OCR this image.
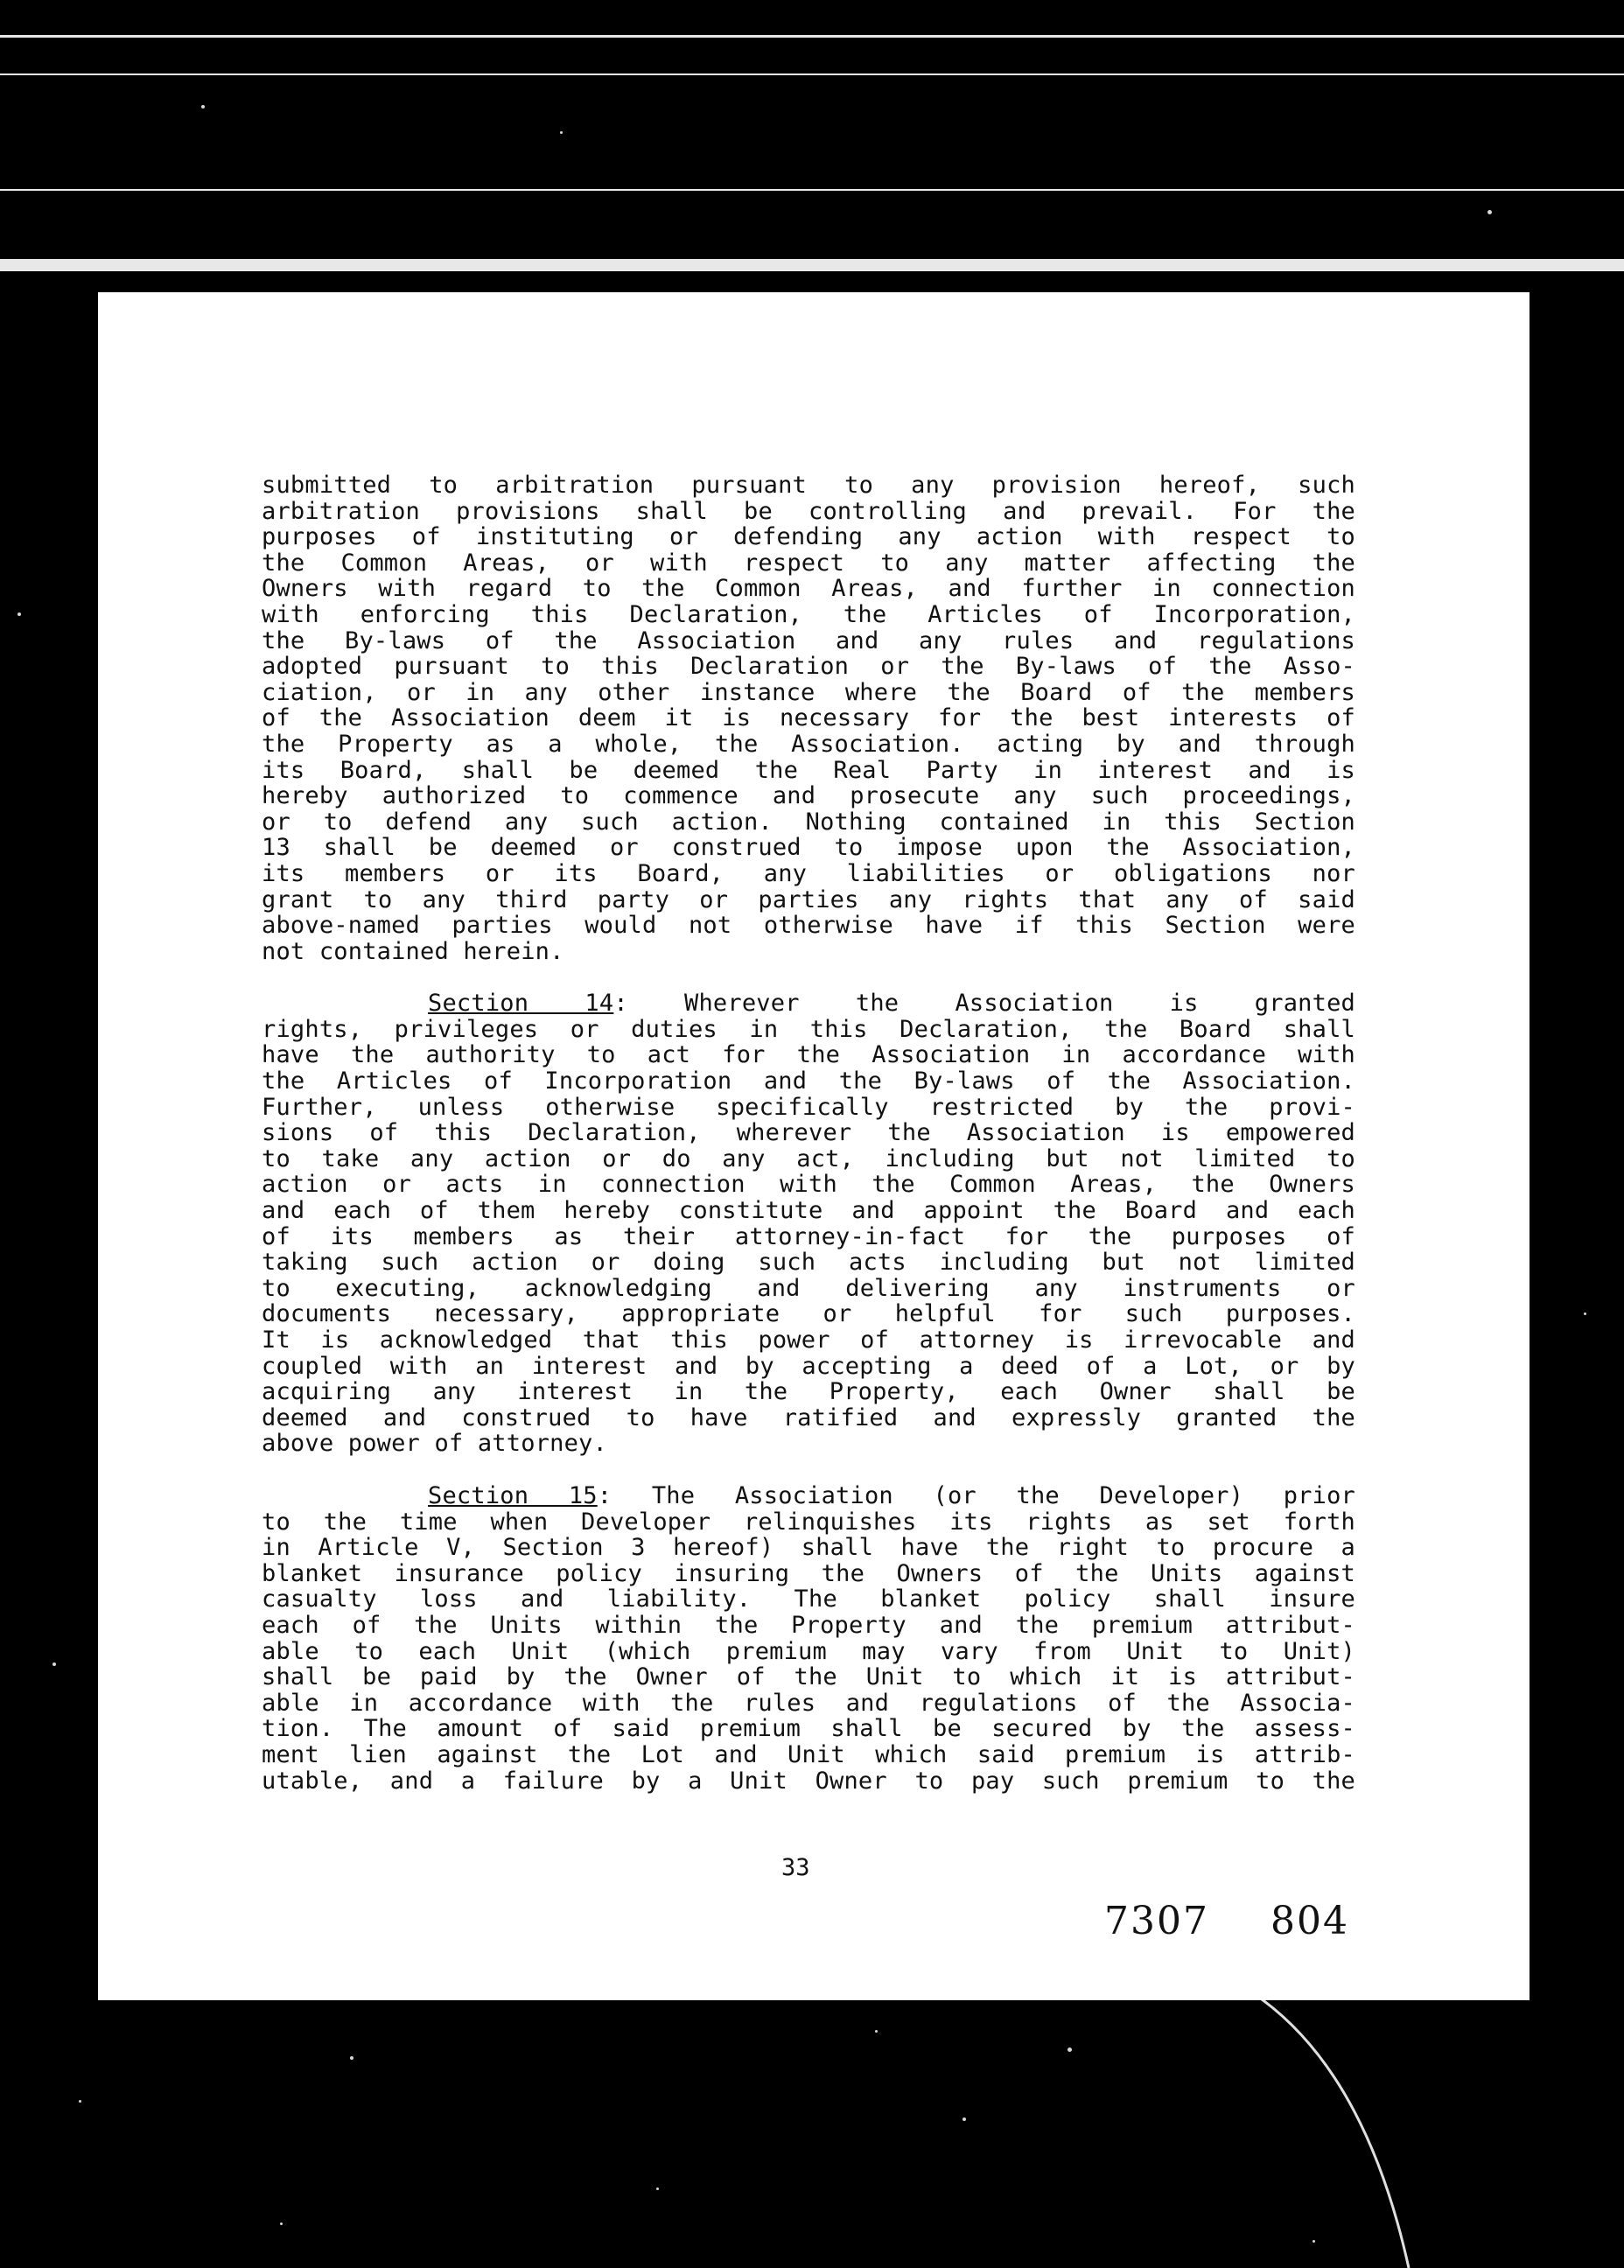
submitted to arbitration pursuant to any provision hereof, such
arbitration provisions shall be controlling and prevail. For the
purposes of instituting or defending any action with respect to
the Common Areas, or with respect to any matter affecting the
Owners with regard to the Common Areas, and further in connection
with enforcing this Declaration, the Articles of Incorporation,
the By-laws of the Association and any rules and regulations
adopted pursuant to this Declaration or the By-laws of the Asso-
ciation, or in any other instance where the Board of the members
of the Association deem it is necessary for the best interests of
the Property as a whole, the Association. acting by and through
its Board, shall be deemed the Real Party in interest and is
hereby authorized to commence and prosecute any such proceedings,
or to defend any such action. Nothing contained in this Section
13 shall be deemed or construed to impose upon the Association,
its members or its Board, any liabilities or obligations nor
grant to any third party or parties any rights that any of said
above-named parties would not otherwise have if this Section were
not contained herein.
Section 14: Wherever the Association is granted
rights, privileges or duties in this Declaration, the Board shall
have the authority to act for the Association in accordance with
the Articles of Incorporation and the By-laws of the Association.
Further, unless otherwise specifically restricted by the provi-
sions of this Declaration, wherever the Association is empowered
to take any action or do any act, including but not limited to
action or acts in connection with the Common Areas, the Owners
and each of them hereby constitute and appoint the Board and each
of its members as their attorney-in-fact for the purposes of
taking such action or doing such acts including but not limited
to executing, acknowledging and delivering any instruments or
documents necessary, appropriate or helpful for such purposes.
It is acknowledged that this power of attorney is irrevocable and
coupled with an interest and by accepting a deed of a Lot, or by
acquiring any interest in the Property, each Owner shall be
deemed and construed to have ratified and expressly granted the
above power of attorney.
Section 15: The Association (or the Developer) prior
to the time when Developer relinquishes its rights as set forth
in Article V, Section 3 hereof) shall have the right to procure a
blanket insurance policy insuring the Owners of the Units against
casualty loss and liability. The blanket policy shall insure
each of the Units within the Property and the premium attribut-
able to each Unit (which premium may vary from Unit to Unit)
shall be paid by the Owner of the Unit to which it is attribut-
able in accordance with the rules and regulations of the Associa-
tion. The amount of said premium shall be secured by the assess-
ment lien against the Lot and Unit which said premium is attrib-
utable, and a failure by a Unit Owner to pay such premium to the
33
7307 804
